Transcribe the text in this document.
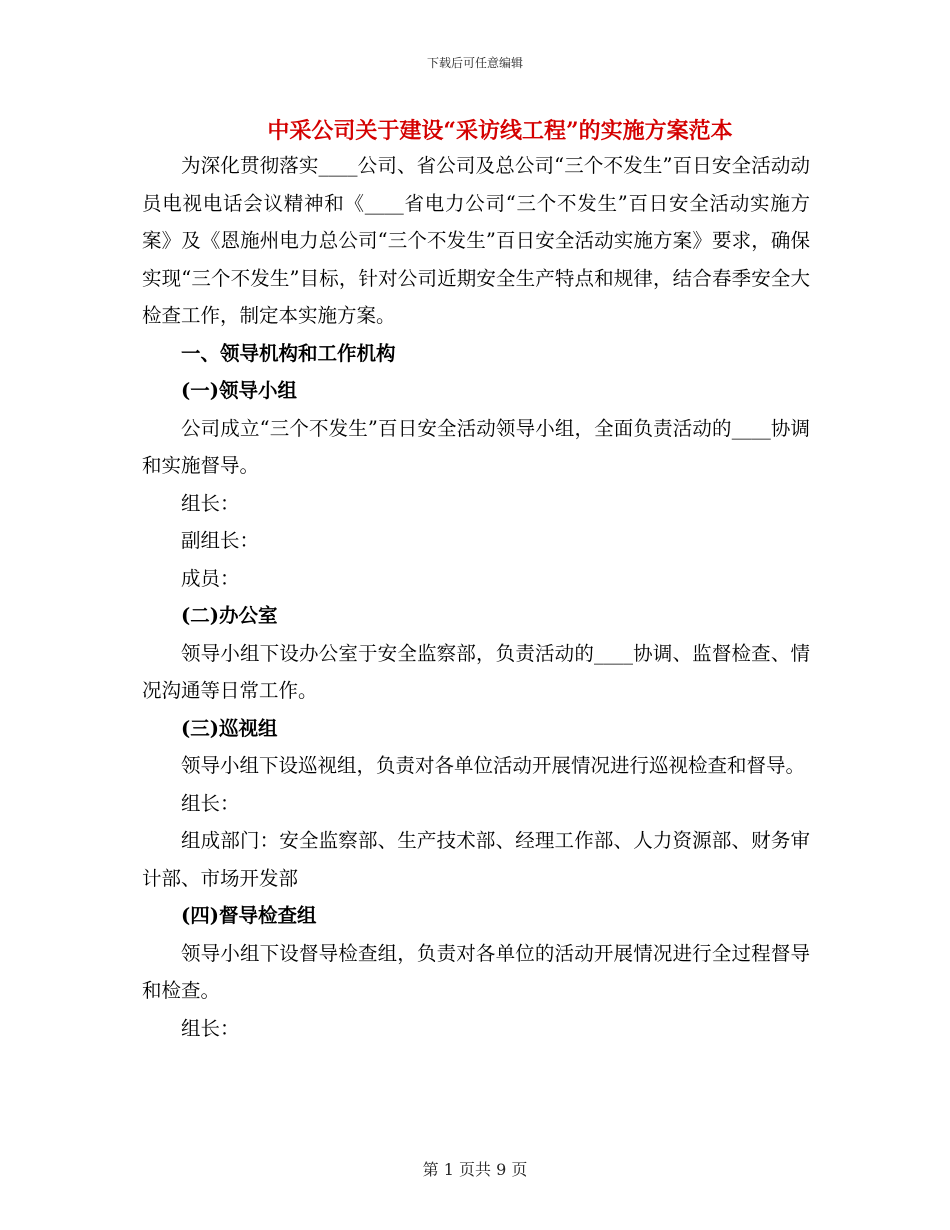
下载后可任意编辑
中采公司关于建设“采访线工程”的实施方案范本

为深化贯彻落实____公司、省公司及总公司“三个不发生”百日安全活动动员电视电话会议精神和《____省电力公司“三个不发生”百日安全活动实施方案》及《恩施州电力总公司“三个不发生”百日安全活动实施方案》要求，确保实现“三个不发生”目标，针对公司近期安全生产特点和规律，结合春季安全大检查工作，制定本实施方案。

一、领导机构和工作机构

(一)领导小组

公司成立“三个不发生”百日安全活动领导小组，全面负责活动的____协调和实施督导。

组长：

副组长：

成员：

(二)办公室

领导小组下设办公室于安全监察部，负责活动的____协调、监督检查、情况沟通等日常工作。

(三)巡视组

领导小组下设巡视组，负责对各单位活动开展情况进行巡视检查和督导。

组长：

组成部门：安全监察部、生产技术部、经理工作部、人力资源部、财务审计部、市场开发部

(四)督导检查组

领导小组下设督导检查组，负责对各单位的活动开展情况进行全过程督导和检查。

组长：

第 1 页共 9 页
